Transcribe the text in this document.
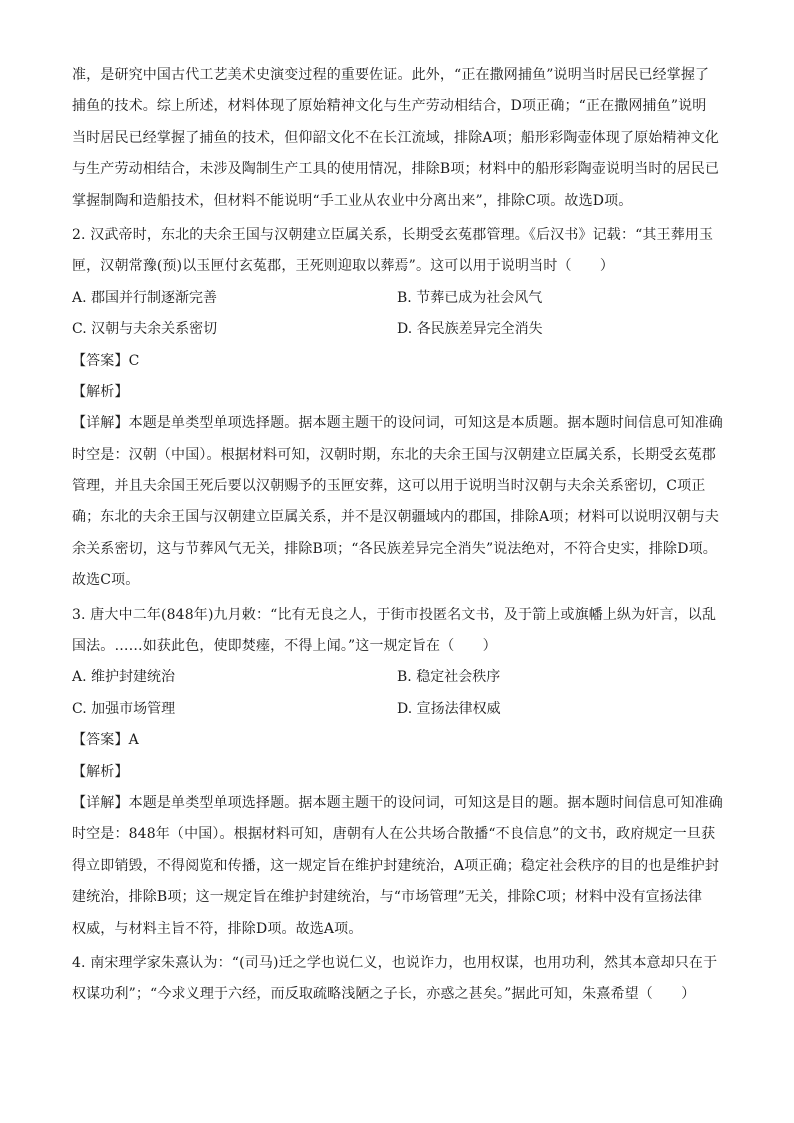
准，是研究中国古代工艺美术史演变过程的重要佐证。此外，“正在撒网捕鱼”说明当时居民已经掌握了
捕鱼的技术。综上所述，材料体现了原始精神文化与生产劳动相结合，D项正确；“正在撒网捕鱼”说明
当时居民已经掌握了捕鱼的技术，但仰韶文化不在长江流域，排除A项；船形彩陶壶体现了原始精神文化
与生产劳动相结合，未涉及陶制生产工具的使用情况，排除B项；材料中的船形彩陶壶说明当时的居民已
掌握制陶和造船技术，但材料不能说明“手工业从农业中分离出来”，排除C项。故选D项。
2. 汉武帝时，东北的夫余王国与汉朝建立臣属关系，长期受玄菟郡管理。《后汉书》记载：“其王葬用玉
匣，汉朝常豫(预)以玉匣付玄菟郡，王死则迎取以葬焉”。这可以用于说明当时（　　）
A. 郡国并行制逐渐完善	B. 节葬已成为社会风气
C. 汉朝与夫余关系密切	D. 各民族差异完全消失
【答案】C
【解析】
【详解】本题是单类型单项选择题。据本题主题干的设问词，可知这是本质题。据本题时间信息可知准确
时空是：汉朝（中国）。根据材料可知，汉朝时期，东北的夫余王国与汉朝建立臣属关系，长期受玄菟郡
管理，并且夫余国王死后要以汉朝赐予的玉匣安葬，这可以用于说明当时汉朝与夫余关系密切，C项正
确；东北的夫余王国与汉朝建立臣属关系，并不是汉朝疆域内的郡国，排除A项；材料可以说明汉朝与夫
余关系密切，这与节葬风气无关，排除B项；“各民族差异完全消失”说法绝对，不符合史实，排除D项。
故选C项。
3. 唐大中二年(848年)九月敕：“比有无良之人，于街市投匿名文书，及于箭上或旗幡上纵为奸言，以乱
国法。……如获此色，使即焚瘗，不得上闻。”这一规定旨在（　　）
A. 维护封建统治	B. 稳定社会秩序
C. 加强市场管理	D. 宣扬法律权威
【答案】A
【解析】
【详解】本题是单类型单项选择题。据本题主题干的设问词，可知这是目的题。据本题时间信息可知准确
时空是：848年（中国）。根据材料可知，唐朝有人在公共场合散播“不良信息”的文书，政府规定一旦获
得立即销毁，不得阅览和传播，这一规定旨在维护封建统治，A项正确；稳定社会秩序的目的也是维护封
建统治，排除B项；这一规定旨在维护封建统治，与“市场管理”无关，排除C项；材料中没有宣扬法律
权威，与材料主旨不符，排除D项。故选A项。
4. 南宋理学家朱熹认为：“(司马)迁之学也说仁义，也说诈力，也用权谋，也用功利，然其本意却只在于
权谋功利”；“今求义理于六经，而反取疏略浅陋之子长，亦惑之甚矣。”据此可知，朱熹希望（　　）
